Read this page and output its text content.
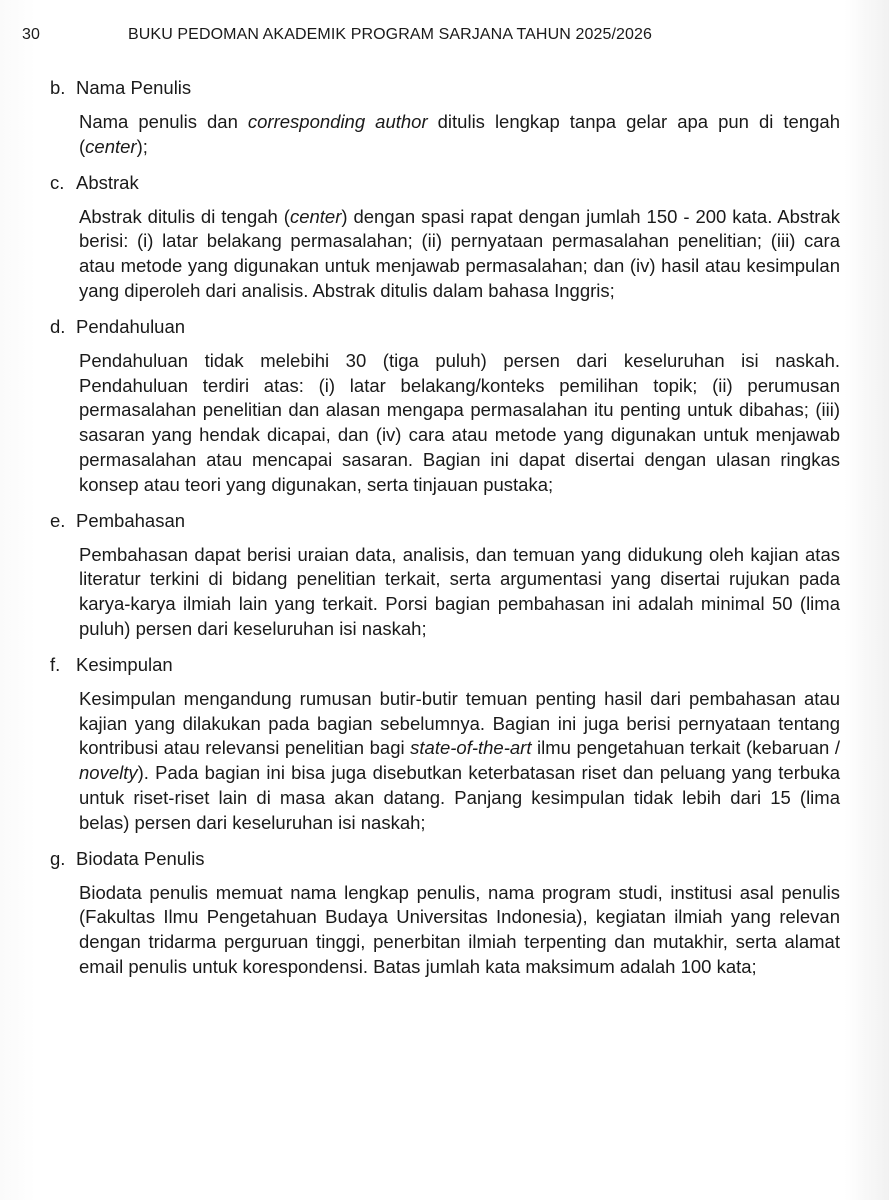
30	BUKU PEDOMAN AKADEMIK PROGRAM SARJANA TAHUN 2025/2026
b. Nama Penulis

Nama penulis dan corresponding author ditulis lengkap tanpa gelar apa pun di tengah (center);

c. Abstrak

Abstrak ditulis di tengah (center) dengan spasi rapat dengan jumlah 150 - 200 kata. Abstrak berisi: (i) latar belakang permasalahan; (ii) pernyataan permasalahan penelitian; (iii) cara atau metode yang digunakan untuk menjawab permasalahan; dan (iv) hasil atau kesimpulan yang diperoleh dari analisis. Abstrak ditulis dalam bahasa Inggris;

d. Pendahuluan

Pendahuluan tidak melebihi 30 (tiga puluh) persen dari keseluruhan isi naskah. Pendahuluan terdiri atas: (i) latar belakang/konteks pemilihan topik; (ii) perumusan permasalahan penelitian dan alasan mengapa permasalahan itu penting untuk dibahas; (iii) sasaran yang hendak dicapai, dan (iv) cara atau metode yang digunakan untuk menjawab permasalahan atau mencapai sasaran. Bagian ini dapat disertai dengan ulasan ringkas konsep atau teori yang digunakan, serta tinjauan pustaka;

e. Pembahasan

Pembahasan dapat berisi uraian data, analisis, dan temuan yang didukung oleh kajian atas literatur terkini di bidang penelitian terkait, serta argumentasi yang disertai rujukan pada karya-karya ilmiah lain yang terkait. Porsi bagian pembahasan ini adalah minimal 50 (lima puluh) persen dari keseluruhan isi naskah;

f. Kesimpulan

Kesimpulan mengandung rumusan butir-butir temuan penting hasil dari pembahasan atau kajian yang dilakukan pada bagian sebelumnya. Bagian ini juga berisi pernyataan tentang kontribusi atau relevansi penelitian bagi state-of-the-art ilmu pengetahuan terkait (kebaruan / novelty). Pada bagian ini bisa juga disebutkan keterbatasan riset dan peluang yang terbuka untuk riset-riset lain di masa akan datang. Panjang kesimpulan tidak lebih dari 15 (lima belas) persen dari keseluruhan isi naskah;

g. Biodata Penulis

Biodata penulis memuat nama lengkap penulis, nama program studi, institusi asal penulis (Fakultas Ilmu Pengetahuan Budaya Universitas Indonesia), kegiatan ilmiah yang relevan dengan tridarma perguruan tinggi, penerbitan ilmiah terpenting dan mutakhir, serta alamat email penulis untuk korespondensi. Batas jumlah kata maksimum adalah 100 kata;
